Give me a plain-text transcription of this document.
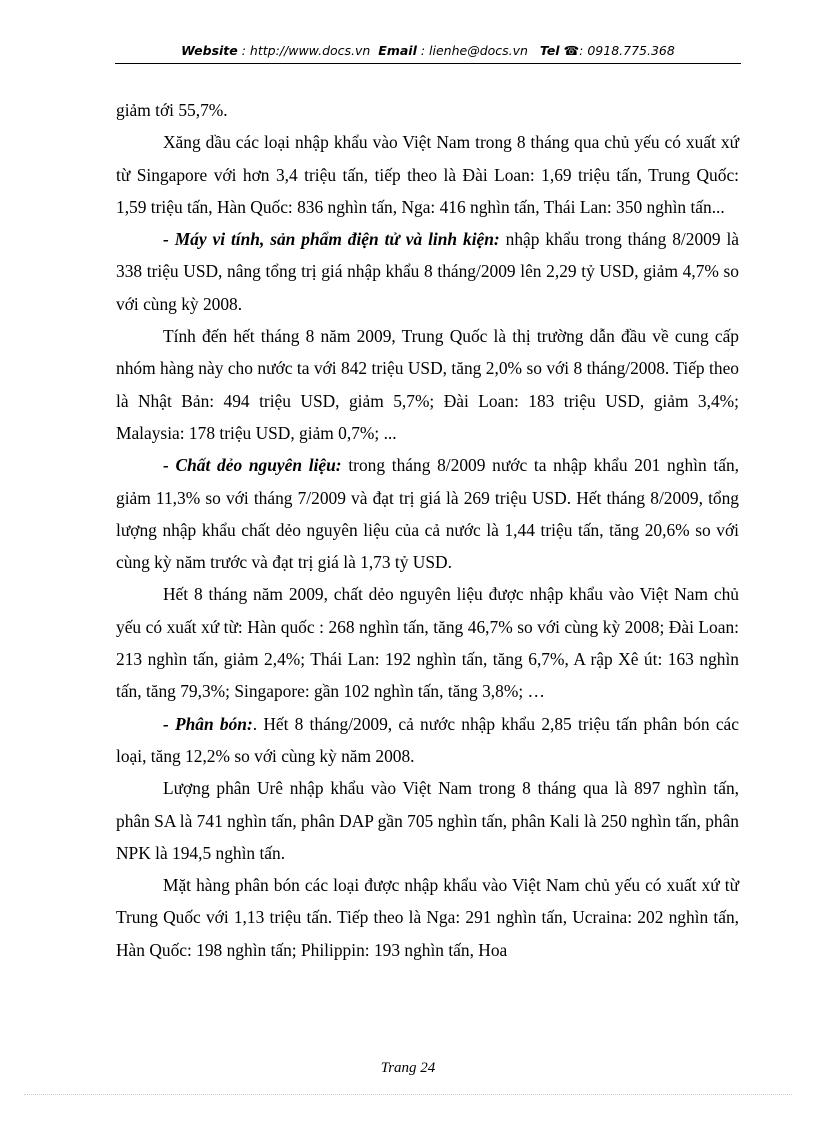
Website : http://www.docs.vn Email : lienhe@docs.vn Tel ☎: 0918.775.368

giảm tới 55,7%.

Xăng dầu các loại nhập khẩu vào Việt Nam trong 8 tháng qua chủ yếu có xuất xứ từ Singapore với hơn 3,4 triệu tấn, tiếp theo là Đài Loan: 1,69 triệu tấn, Trung Quốc: 1,59 triệu tấn, Hàn Quốc: 836 nghìn tấn, Nga: 416 nghìn tấn, Thái Lan: 350 nghìn tấn...

- Máy vi tính, sản phẩm điện tử và linh kiện: nhập khẩu trong tháng 8/2009 là 338 triệu USD, nâng tổng trị giá nhập khẩu 8 tháng/2009 lên 2,29 tỷ USD, giảm 4,7% so với cùng kỳ 2008.

Tính đến hết tháng 8 năm 2009, Trung Quốc là thị trường dẫn đầu về cung cấp nhóm hàng này cho nước ta với 842 triệu USD, tăng 2,0% so với 8 tháng/2008. Tiếp theo là Nhật Bản: 494 triệu USD, giảm 5,7%; Đài Loan: 183 triệu USD, giảm 3,4%; Malaysia: 178 triệu USD, giảm 0,7%; ...

- Chất dẻo nguyên liệu: trong tháng 8/2009 nước ta nhập khẩu 201 nghìn tấn, giảm 11,3% so với tháng 7/2009 và đạt trị giá là 269 triệu USD. Hết tháng 8/2009, tổng lượng nhập khẩu chất dẻo nguyên liệu của cả nước là 1,44 triệu tấn, tăng 20,6% so với cùng kỳ năm trước và đạt trị giá là 1,73 tỷ USD.

Hết 8 tháng năm 2009, chất dẻo nguyên liệu được nhập khẩu vào Việt Nam chủ yếu có xuất xứ từ: Hàn quốc : 268 nghìn tấn, tăng 46,7% so với cùng kỳ 2008; Đài Loan: 213 nghìn tấn, giảm 2,4%; Thái Lan: 192 nghìn tấn, tăng 6,7%, A rập Xê út: 163 nghìn tấn, tăng 79,3%; Singapore: gần 102 nghìn tấn, tăng 3,8%; …

- Phân bón:. Hết 8 tháng/2009, cả nước nhập khẩu 2,85 triệu tấn phân bón các loại, tăng 12,2% so với cùng kỳ năm 2008.

Lượng phân Urê nhập khẩu vào Việt Nam trong 8 tháng qua là 897 nghìn tấn, phân SA là 741 nghìn tấn, phân DAP gần 705 nghìn tấn, phân Kali là 250 nghìn tấn, phân NPK là 194,5 nghìn tấn.

Mặt hàng phân bón các loại được nhập khẩu vào Việt Nam chủ yếu có xuất xứ từ Trung Quốc với 1,13 triệu tấn. Tiếp theo là Nga: 291 nghìn tấn, Ucraina: 202 nghìn tấn, Hàn Quốc: 198 nghìn tấn; Philippin: 193 nghìn tấn, Hoa

Trang 24
